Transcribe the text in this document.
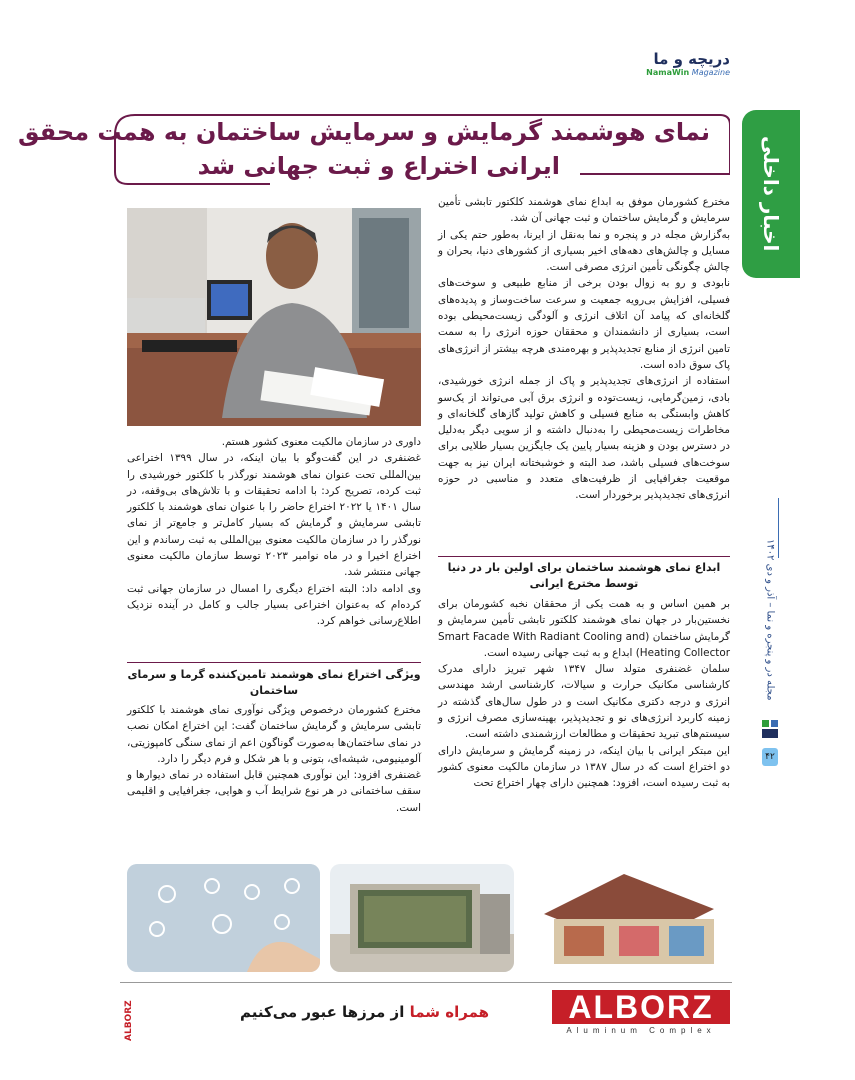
دریچه و ما
NamaWin Magazine
اخبار داخلی
نمای هوشمند گرمایش و سرمایش ساختمان به همت محقق
ایرانی اختراع و ثبت جهانی شد

مخترع کشورمان موفق به ابداع نمای هوشمند کلکتور تابشی تأمین سرمایش و گرمایش ساختمان و ثبت جهانی آن شد.

به‌گزارش مجله در و پنجره و نما به‌نقل از ایرنا، به‌طور حتم یکی از مسایل و چالش‌های دهه‌های اخیر بسیاری از کشورهای دنیا، بحران و چالش چگونگی تأمین انرژی مصرفی است.

نابودی و رو به زوال بودن برخی از منابع طبیعی و سوخت‌های فسیلی، افزایش بی‌رویه جمعیت و سرعت ساخت‌وساز و پدیده‌های گلخانه‌ای که پیامد آن اتلاف انرژی و آلودگی زیست‌محیطی بوده است، بسیاری از دانشمندان و محققان حوزه انرژی را به سمت تامین انرژی از منابع تجدیدپذیر و بهره‌مندی هرچه بیشتر از انرژی‌های پاک سوق داده است.

استفاده از انرژی‌های تجدیدپذیر و پاک از جمله انرژی خورشیدی، بادی، زمین‌گرمایی، زیست‌توده و انرژی برق آبی می‌تواند از یک‌سو کاهش وابستگی به منابع فسیلی و کاهش تولید گازهای گلخانه‌ای و مخاطرات زیست‌محیطی را به‌دنبال داشته و از سویی دیگر به‌دلیل در دسترس بودن و هزینه بسیار پایین یک جایگزین بسیار طلایی برای سوخت‌های فسیلی باشد، صد البته و خوشبختانه ایران نیز به جهت موقعیت جغرافیایی از ظرفیت‌های متعدد و مناسبی در حوزه انرژی‌های تجدیدپذیر برخوردار است.

ابداع نمای هوشمند ساختمان برای اولین بار در دنیا توسط مخترع ایرانی

بر همین اساس و به همت یکی از محققان نخبه کشورمان برای نخستین‌بار در جهان نمای هوشمند کلکتور تابشی تأمین سرمایش و گرمایش ساختمان (Smart Facade With Radiant Cooling and Heating Collector) ابداع و به ثبت جهانی رسیده است.

سلمان غضنفری متولد سال ۱۳۴۷ شهر تبریز دارای مدرک کارشناسی مکانیک حرارت و سیالات، کارشناسی ارشد مهندسی انرژی و درجه دکتری مکانیک است و در طول سال‌های گذشته در زمینه کاربرد انرژی‌های نو و تجدیدپذیر، بهینه‌سازی مصرف انرژی و سیستم‌های تبرید تحقیقات و مطالعات ارزشمندی داشته است.

این مبتکر ایرانی با بیان اینکه، در زمینه گرمایش و سرمایش دارای دو اختراع است که در سال ۱۳۸۷ در سازمان مالکیت معنوی کشور به ثبت رسیده است، افزود: همچنین دارای چهار اختراع تحت

داوری در سازمان مالکیت معنوی کشور هستم.

غضنفری در این گفت‌وگو با بیان اینکه، در سال ۱۳۹۹ اختراعی بین‌المللی تحت عنوان نمای هوشمند نورگذر با کلکتور خورشیدی را ثبت کرده، تصریح کرد: با ادامه تحقیقات و با تلاش‌های بی‌وقفه، در سال ۱۴۰۱ یا ۲۰۲۲ اختراع حاضر را با عنوان نمای هوشمند با کلکتور تابشی سرمایش و گرمایش که بسیار کامل‌تر و جامع‌تر از نمای نورگذر را در سازمان مالکیت معنوی بین‌المللی به ثبت رساندم و این اختراع اخیرا و در ماه نوامبر ۲۰۲۳ توسط سازمان مالکیت معنوی جهانی منتشر شد.

وی ادامه داد: البته اختراع دیگری را امسال در سازمان جهانی ثبت کرده‌ام که به‌عنوان اختراعی بسیار جالب و کامل در آینده نزدیک اطلاع‌رسانی خواهم کرد.

ویژگی اختراع نمای هوشمند تامین‌کننده گرما و سرمای ساختمان

مخترع کشورمان درخصوص ویژگی نوآوری نمای هوشمند با کلکتور تابشی سرمایش و گرمایش ساختمان گفت: این اختراع امکان نصب در نمای ساختمان‌ها به‌صورت گوناگون اعم از نمای سنگی کامپوزیتی، آلومینیومی، شیشه‌ای، بتونی و با هر شکل و فرم دیگر را دارد.

غضنفری افزود: این نوآوری همچنین قابل استفاده در نمای دیوارها و سقف ساختمانی در هر نوع شرایط آب و هوایی، جغرافیایی و اقلیمی است.

همراه شما از مرزها عبور می‌کنیم	ALBORZ
Aluminum Complex
ALBORZ
مجله در و پنجره و نما – آذر و دی ۱۴۰۲
۴۲
